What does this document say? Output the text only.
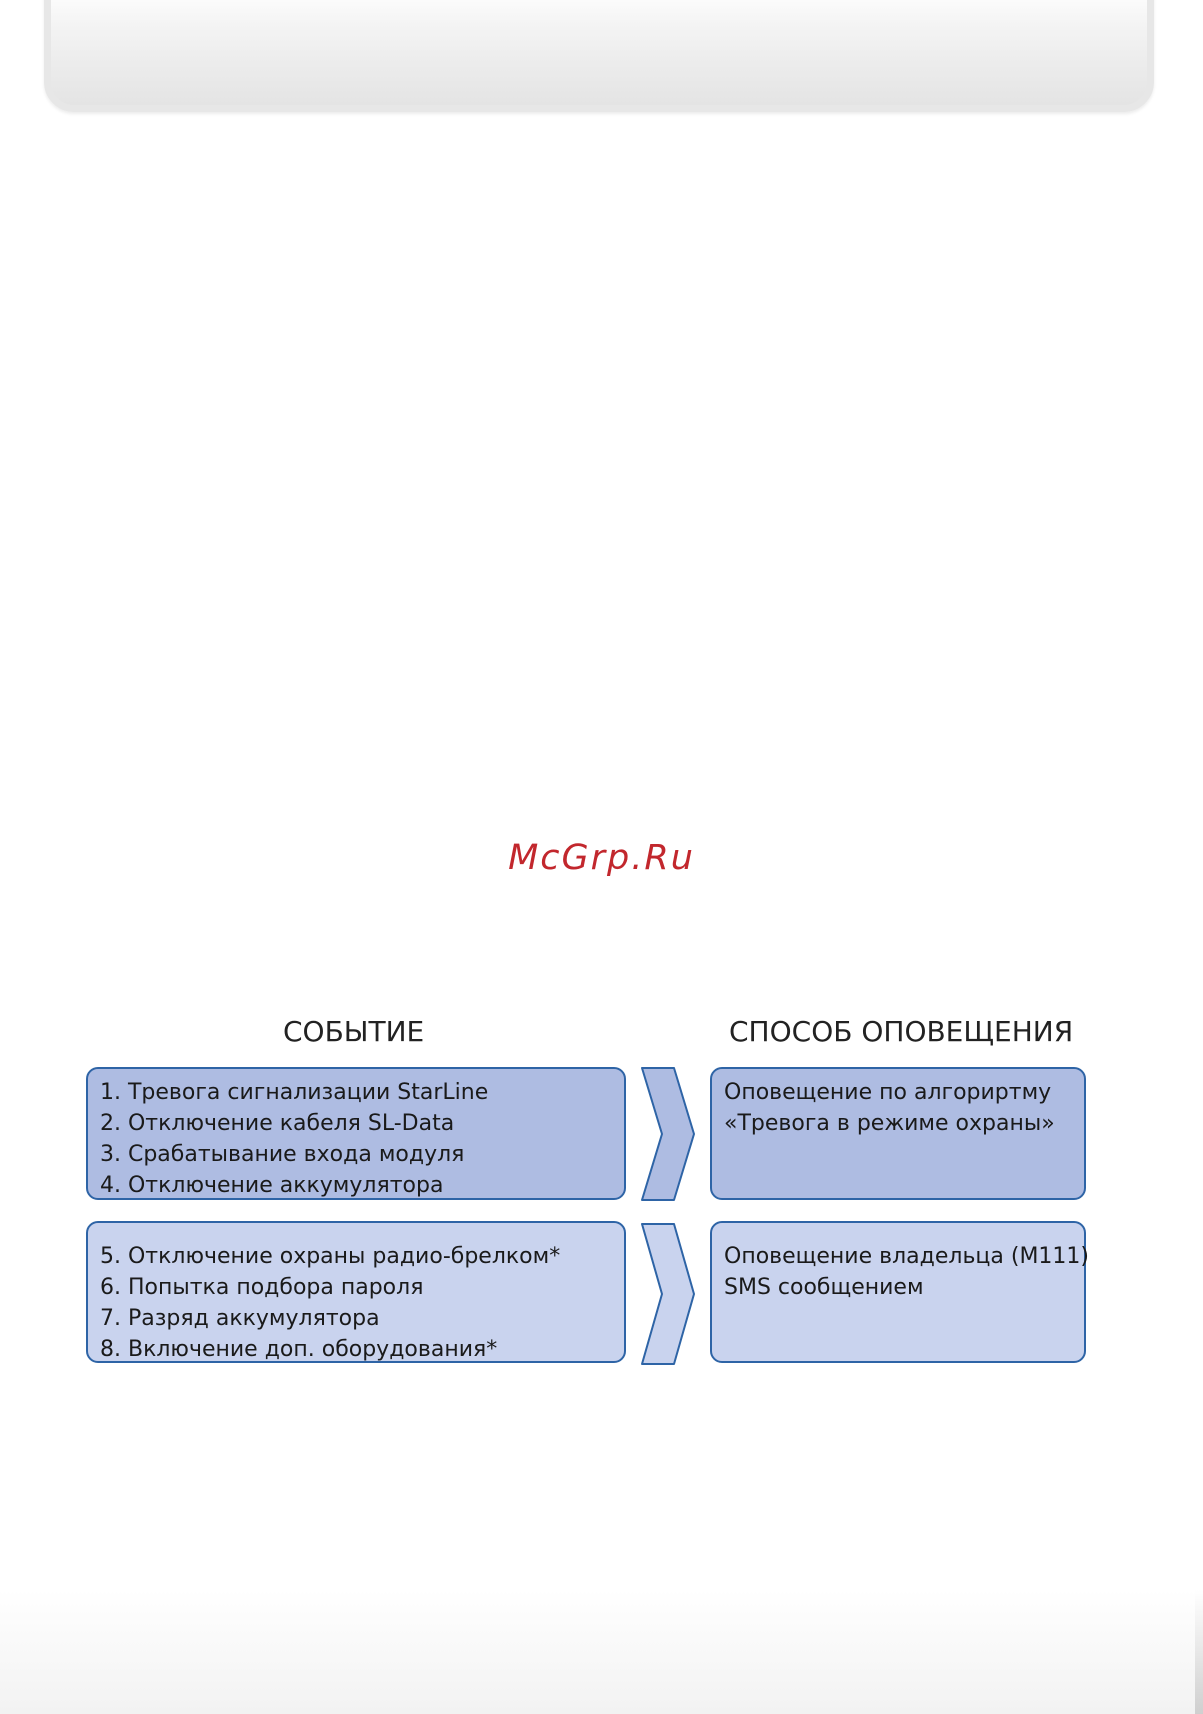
McGrp.Ru
СОБЫТИЕ	СПОСОБ ОПОВЕЩЕНИЯ
1. Тревога сигнализации StarLine
2. Отключение кабеля SL-Data
3. Срабатывание входа модуля
4. Отключение аккумулятора
Оповещение по алгориртму
«Тревога в режиме охраны»
5. Отключение охраны радио-брелком*
6. Попытка подбора пароля
7. Разряд аккумулятора
8. Включение доп. оборудования*
Оповещение владельца (M111)
SMS сообщением
